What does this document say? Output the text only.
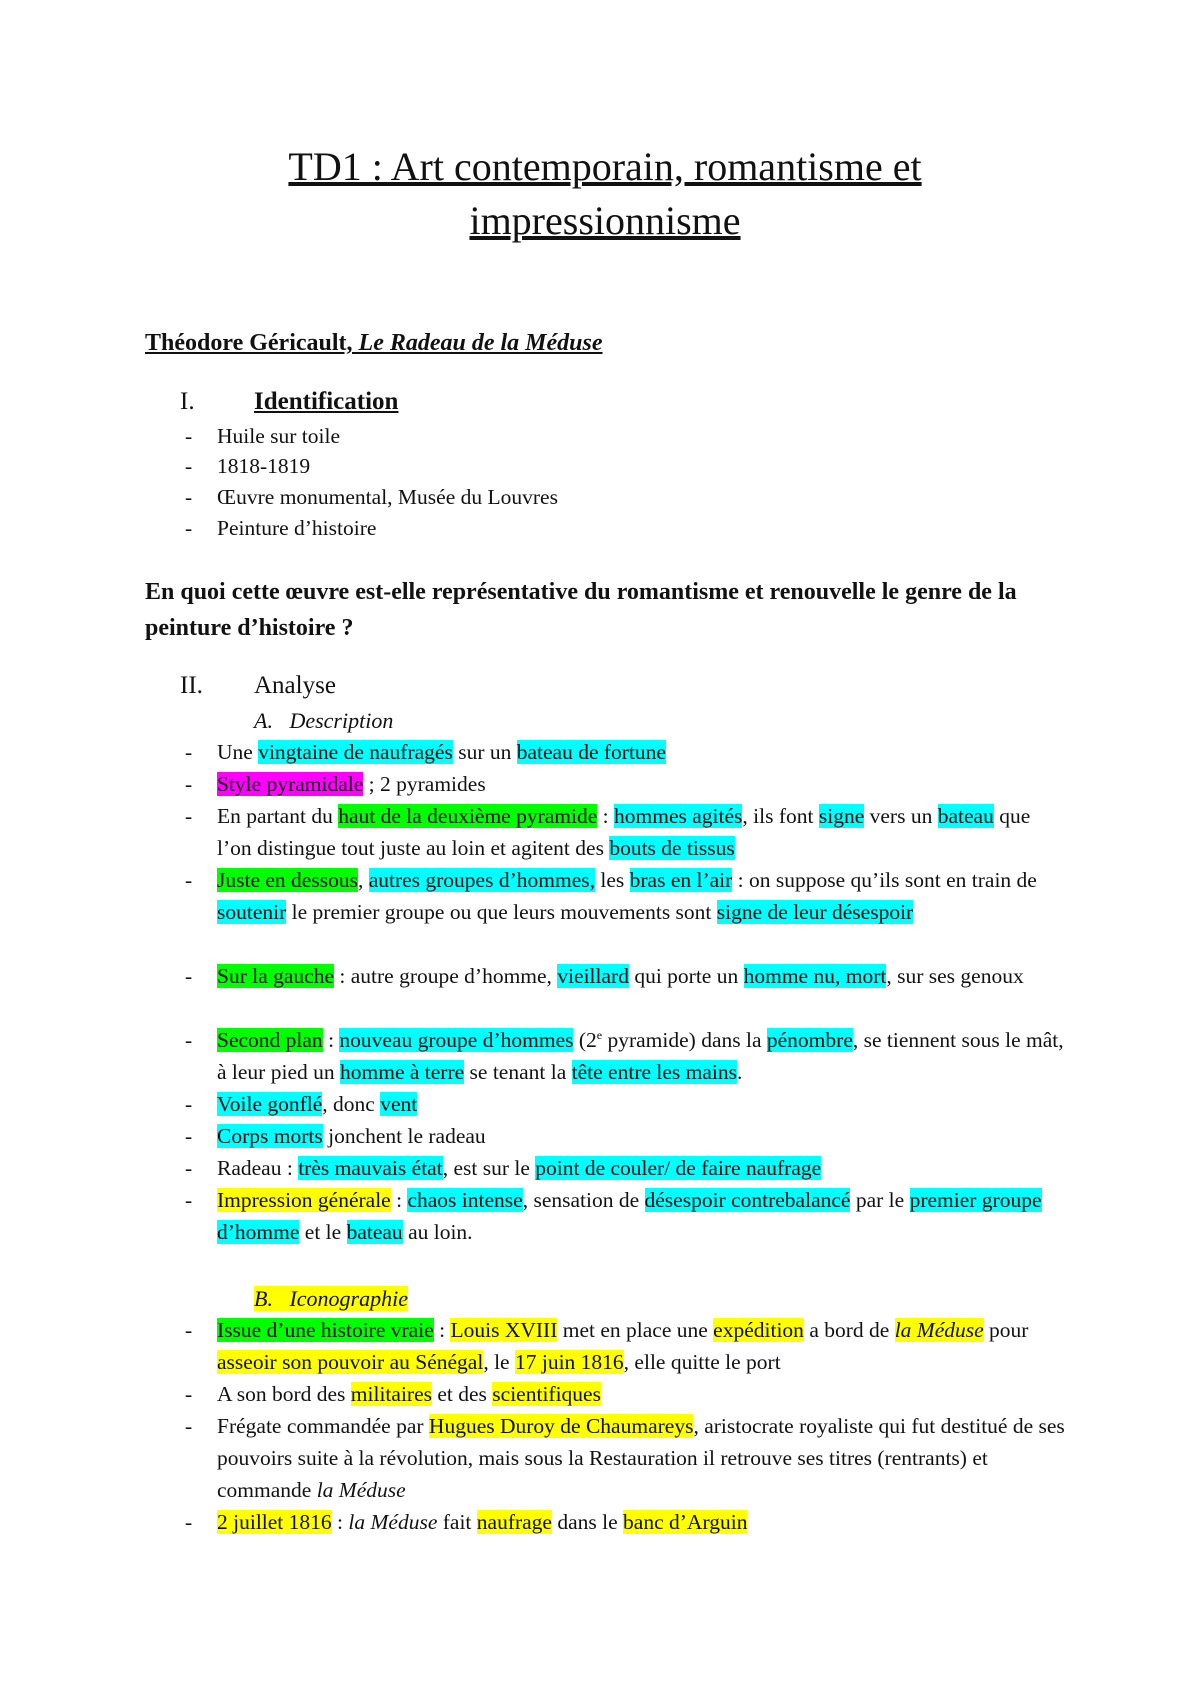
TD1 : Art contemporain, romantisme et impressionnisme
Théodore Géricault, Le Radeau de la Méduse
I. Identification
- Huile sur toile
- 1818-1819
- Œuvre monumental, Musée du Louvres
- Peinture d’histoire
En quoi cette œuvre est-elle représentative du romantisme et renouvelle le genre de la peinture d’histoire ?
II. Analyse
A.   Description
- Une vingtaine de naufragés sur un bateau de fortune
- Style pyramidale ; 2 pyramides
- En partant du haut de la deuxième pyramide : hommes agités, ils font signe vers un bateau que l’on distingue tout juste au loin et agitent des bouts de tissus
- Juste en dessous, autres groupes d’hommes, les bras en l’air : on suppose qu’ils sont en train de soutenir le premier groupe ou que leurs mouvements sont signe de leur désespoir
- Sur la gauche : autre groupe d’homme, vieillard qui porte un homme nu, mort, sur ses genoux
- Second plan : nouveau groupe d’hommes (2e pyramide) dans la pénombre, se tiennent sous le mât, à leur pied un homme à terre se tenant la tête entre les mains.
- Voile gonflé, donc vent
- Corps morts jonchent le radeau
- Radeau : très mauvais état, est sur le point de couler/ de faire naufrage
- Impression générale : chaos intense, sensation de désespoir contrebalancé par le premier groupe d’homme et le bateau au loin.
B.   Iconographie
- Issue d’une histoire vraie : Louis XVIII met en place une expédition a bord de la Méduse pour asseoir son pouvoir au Sénégal, le 17 juin 1816, elle quitte le port
- A son bord des militaires et des scientifiques
- Frégate commandée par Hugues Duroy de Chaumareys, aristocrate royaliste qui fut destitué de ses pouvoirs suite à la révolution, mais sous la Restauration il retrouve ses titres (rentrants) et commande la Méduse
- 2 juillet 1816 : la Méduse fait naufrage dans le banc d’Arguin
